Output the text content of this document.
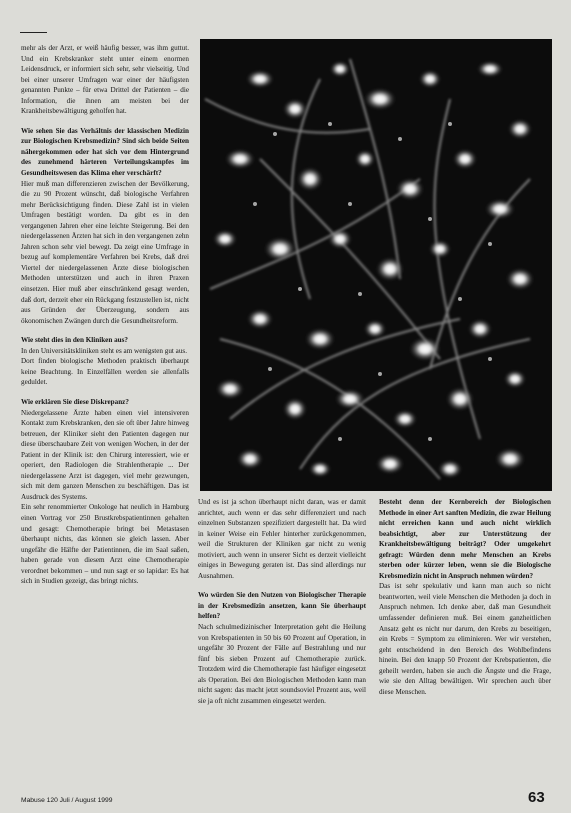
mehr als der Arzt, er weiß häufig besser, was ihm guttut. Und ein Krebskranker steht unter einem enormen Leidensdruck, er informiert sich sehr, sehr vielseitig. Und bei einer unserer Umfragen war einer der häufigsten genannten Punkte – für etwa Drittel der Patienten – die Information, die ihnen am meisten bei der Krankheitsbewältigung geholfen hat.

Wie sehen Sie das Verhältnis der klassischen Medizin zur Biologischen Krebsmedizin? Sind sich beide Seiten nähergekommen oder hat sich vor dem Hintergrund des zunehmend härteren Verteilungskampfes im Gesundheitswesen das Klima eher verschärft?

Hier muß man differenzieren zwischen der Bevölkerung, die zu 90 Prozent wünscht, daß biologische Verfahren mehr Berücksichtigung finden. Diese Zahl ist in vielen Umfragen bestätigt worden. Da gibt es in den vergangenen Jahren eher eine leichte Steigerung. Bei den niedergelassenen Ärzten hat sich in den vergangenen zehn Jahren schon sehr viel bewegt. Da zeigt eine Umfrage in bezug auf komplementäre Verfahren bei Krebs, daß drei Viertel der niedergelassenen Ärzte diese biologischen Methoden unterstützen und auch in ihren Praxen einsetzen. Hier muß aber einschränkend gesagt werden, daß dort, derzeit eher ein Rückgang festzustellen ist, nicht aus Gründen der Überzeugung, sondern aus ökonomischen Zwängen durch die Gesundheitsreform.

Wie steht dies in den Kliniken aus?

In den Universitätskliniken steht es am wenigsten gut aus.

Dort finden biologische Methoden praktisch überhaupt keine Beachtung. In Einzelfällen werden sie allenfalls geduldet.

Wie erklären Sie diese Diskrepanz?

Niedergelassene Ärzte haben einen viel intensiveren Kontakt zum Krebskranken, den sie oft über Jahre hinweg betreuen, der Kliniker sieht den Patienten dagegen nur diese überschaubare Zeit von wenigen Wochen, in der der Patient in der Klinik ist: den Chirurg interessiert, wie er operiert, den Radiologen die Strahlentherapie ... Der niedergelassene Arzt ist dagegen, viel mehr gezwungen, sich mit dem ganzen Menschen zu beschäftigen. Das ist Ausdruck des Systems.

Ein sehr renommierter Onkologe hat neulich in Hamburg einen Vortrag vor 250 Brustkrebspatientinnen gehalten und gesagt: Chemotherapie bringt bei Metastasen überhaupt nichts, das können sie gleich lassen. Aber ungefähr die Hälfte der Patientinnen, die im Saal saßen, haben gerade von diesem Arzt eine Chemotherapie verordnet bekommen – und nun sagt er so lapidar: Es hat sich in Studien gezeigt, das bringt nichts.

Und es ist ja schon überhaupt nicht daran, was er damit anrichtet, auch wenn er das sehr differenziert und nach einzelnen Substanzen spezifiziert dargestellt hat. Da wird in keiner Weise ein Fehler hinterher zurückgenommen, weil die Strukturen der Kliniken gar nicht zu wenig motiviert, auch wenn in unserer Sicht es derzeit vielleicht einiges in Bewegung geraten ist. Das sind allerdings nur Ausnahmen.

Wo würden Sie den Nutzen von Biologischer Therapie in der Krebsmedizin ansetzen, kann Sie überhaupt helfen?

Nach schulmedizinischer Interpretation geht die Heilung von Krebspatienten in 50 bis 60 Prozent auf Operation, in ungefähr 30 Prozent der Fälle auf Bestrahlung und nur fünf bis sieben Prozent auf Chemotherapie zurück. Trotzdem wird die Chemotherapie fast häufiger eingesetzt als Operation. Bei den Biologischen Methoden kann man nicht sagen: das macht jetzt soundsoviel Prozent aus, weil sie ja oft nicht zusammen eingesetzt werden.

Besteht denn der Kernbereich der Biologischen Methode in einer Art sanften Medizin, die zwar Heilung nicht erreichen kann und auch nicht wirklich beabsichtigt, aber zur Unterstützung der Krankheitsbewältigung beiträgt? Oder umgekehrt gefragt: Würden denn mehr Menschen an Krebs sterben oder kürzer leben, wenn sie die Biologische Krebsmedizin nicht in Anspruch nehmen würden?

Das ist sehr spekulativ und kann man auch so nicht beantworten, weil viele Menschen die Methoden ja doch in Anspruch nehmen. Ich denke aber, daß man Gesundheit umfassender definieren muß. Bei einem ganzheitlichen Ansatz geht es nicht nur darum, den Krebs zu beseitigen, ein Krebs = Symptom zu eliminieren. Wer wir verstehen, geht entscheidend in den Bereich des Wohlbefindens hinein. Bei den knapp 50 Prozent der Krebspatienten, die geheilt werden, haben sie auch die Ängste und die Frage, wie sie den Alltag bewältigen. Wir sprechen auch über diese Menschen.

Mabuse 120 Juli / August 1999	63
